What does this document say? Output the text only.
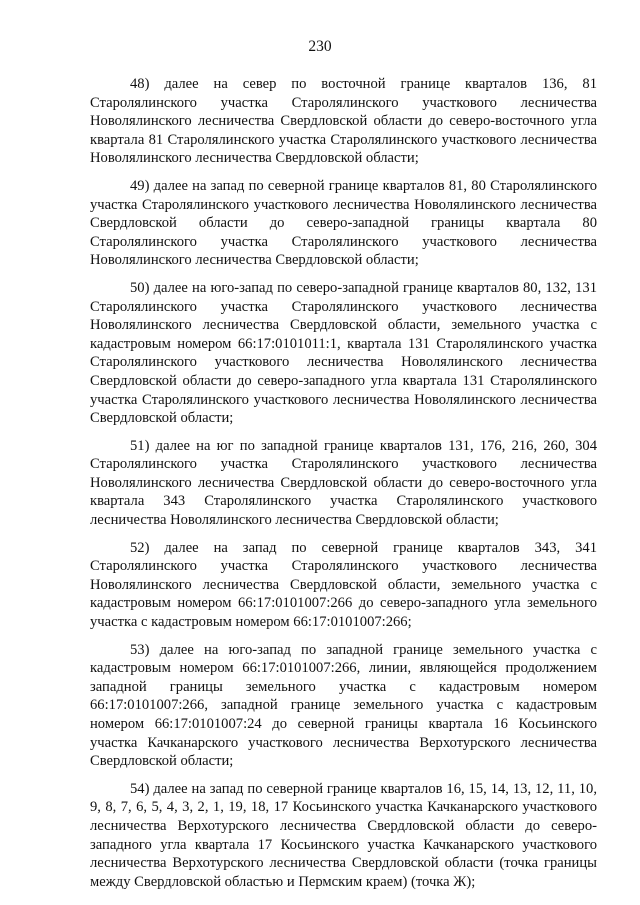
230

48) далее на север по восточной границе кварталов 136, 81 Старолялинского участка Старолялинского участкового лесничества Новолялинского лесничества Свердловской области до северо-восточного угла квартала 81 Старолялинского участка Старолялинского участкового лесничества Новолялинского лесничества Свердловской области;

49) далее на запад по северной границе кварталов 81, 80 Старолялинского участка Старолялинского участкового лесничества Новолялинского лесничества Свердловской области до северо-западной границы квартала 80 Старолялинского участка Старолялинского участкового лесничества Новолялинского лесничества Свердловской области;

50) далее на юго-запад по северо-западной границе кварталов 80, 132, 131 Старолялинского участка Старолялинского участкового лесничества Новолялинского лесничества Свердловской области, земельного участка с кадастровым номером 66:17:0101011:1, квартала 131 Старолялинского участка Старолялинского участкового лесничества Новолялинского лесничества Свердловской области до северо-западного угла квартала 131 Старолялинского участка Старолялинского участкового лесничества Новолялинского лесничества Свердловской области;

51) далее на юг по западной границе кварталов 131, 176, 216, 260, 304 Старолялинского участка Старолялинского участкового лесничества Новолялинского лесничества Свердловской области до северо-восточного угла квартала 343 Старолялинского участка Старолялинского участкового лесничества Новолялинского лесничества Свердловской области;

52) далее на запад по северной границе кварталов 343, 341 Старолялинского участка Старолялинского участкового лесничества Новолялинского лесничества Свердловской области, земельного участка с кадастровым номером 66:17:0101007:266 до северо-западного угла земельного участка с кадастровым номером 66:17:0101007:266;

53) далее на юго-запад по западной границе земельного участка с кадастровым номером 66:17:0101007:266, линии, являющейся продолжением западной границы земельного участка с кадастровым номером 66:17:0101007:266, западной границе земельного участка с кадастровым номером 66:17:0101007:24 до северной границы квартала 16 Косьинского участка Качканарского участкового лесничества Верхотурского лесничества Свердловской области;

54) далее на запад по северной границе кварталов 16, 15, 14, 13, 12, 11, 10, 9, 8, 7, 6, 5, 4, 3, 2, 1, 19, 18, 17 Косьинского участка Качканарского участкового лесничества Верхотурского лесничества Свердловской области до северо-западного угла квартала 17 Косьинского участка Качканарского участкового лесничества Верхотурского лесничества Свердловской области (точка границы между Свердловской областью и Пермским краем) (точка Ж);
